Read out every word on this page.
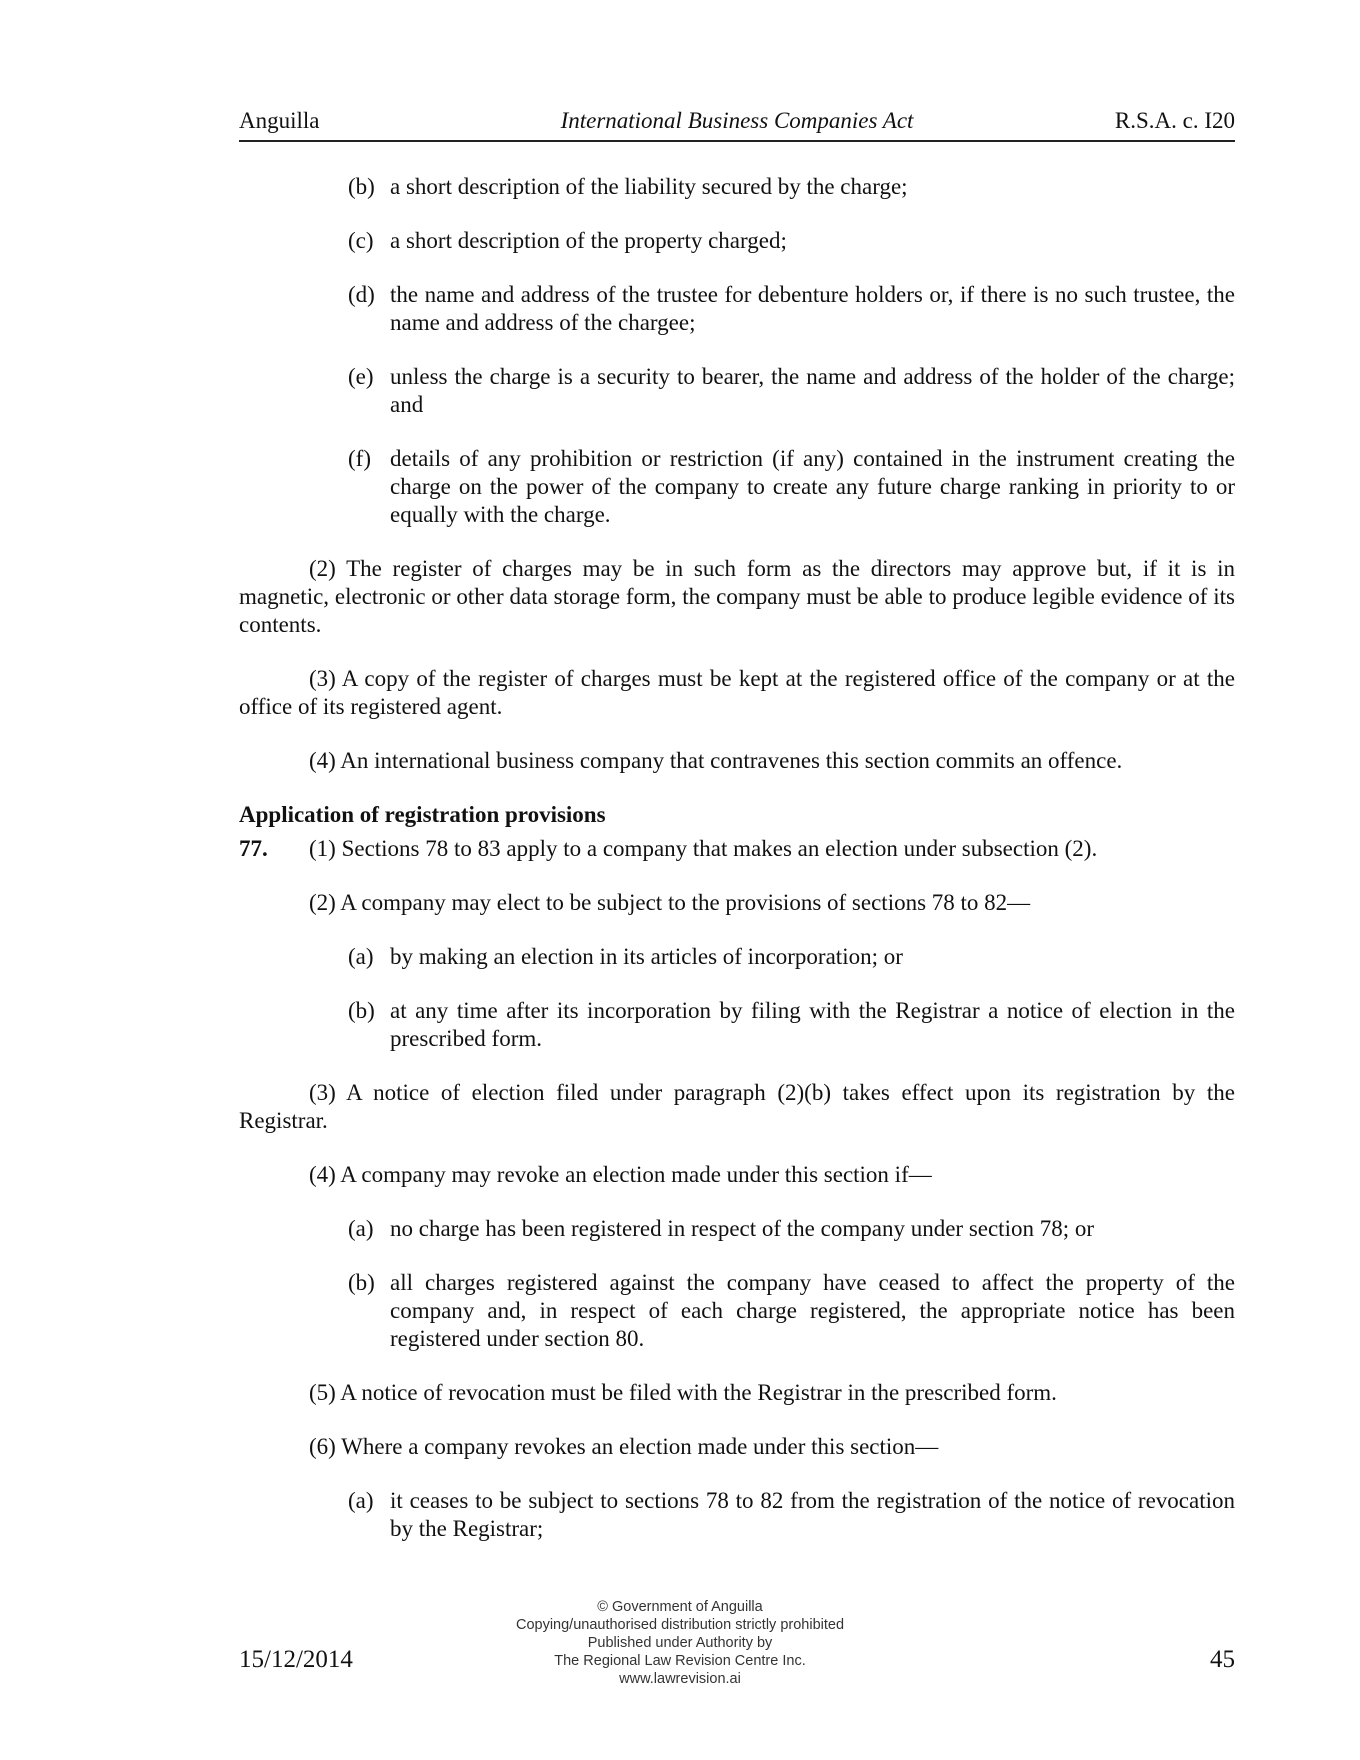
Anguilla	International Business Companies Act	R.S.A. c. I20
(b) a short description of the liability secured by the charge;

(c) a short description of the property charged;

(d) the name and address of the trustee for debenture holders or, if there is no such trustee, the name and address of the chargee;

(e) unless the charge is a security to bearer, the name and address of the holder of the charge; and

(f) details of any prohibition or restriction (if any) contained in the instrument creating the charge on the power of the company to create any future charge ranking in priority to or equally with the charge.

(2) The register of charges may be in such form as the directors may approve but, if it is in magnetic, electronic or other data storage form, the company must be able to produce legible evidence of its contents.

(3) A copy of the register of charges must be kept at the registered office of the company or at the office of its registered agent.

(4) An international business company that contravenes this section commits an offence.

Application of registration provisions

77. (1) Sections 78 to 83 apply to a company that makes an election under subsection (2).

(2) A company may elect to be subject to the provisions of sections 78 to 82—

(a) by making an election in its articles of incorporation; or

(b) at any time after its incorporation by filing with the Registrar a notice of election in the prescribed form.

(3) A notice of election filed under paragraph (2)(b) takes effect upon its registration by the Registrar.

(4) A company may revoke an election made under this section if—

(a) no charge has been registered in respect of the company under section 78; or

(b) all charges registered against the company have ceased to affect the property of the company and, in respect of each charge registered, the appropriate notice has been registered under section 80.

(5) A notice of revocation must be filed with the Registrar in the prescribed form.

(6) Where a company revokes an election made under this section—

(a) it ceases to be subject to sections 78 to 82 from the registration of the notice of revocation by the Registrar;

© Government of Anguilla
Copying/unauthorised distribution strictly prohibited
Published under Authority by
The Regional Law Revision Centre Inc.
www.lawrevision.ai
15/12/2014	45
